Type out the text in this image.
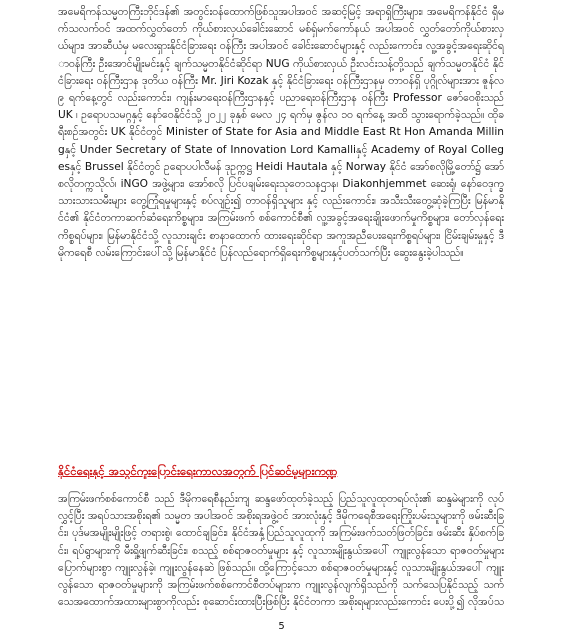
အမေရိကန်သမ္မတကြီးဘိုင်ဒန်၏ အတွင်းဝန်ထောက်ဖြစ်သူအပါအဝင် အဆင့်မြင့် အရာရှိကြီးများ၊ အမေရိကန်နိုင်ငံ ရှီမက်သလက်ဝင် အထက်လွှတ်တော် ကိုယ်စားလှယ်ခေါင်းဆောင် မစ်ရှ်မက်ကော်နယ် အပါအဝင် လွှတ်တော်ကိုယ်စားလှယ်များ၊ အာဆီယံမှ မလေးရှားနိုင်ငံခြားရေး ဝန်ကြီး အပါအဝင် ခေါင်းဆောင်များနှင့် လည်းကောင်း၊ လူ့အခွင့်အရေးဆိုင်ရာဝန်ကြီး ဦးအောင်မျိုးမင်းနှင့် ချက်သမ္မတနိုင်ငံဆိုင်ရာ NUG ကိုယ်စားလှယ် ဦးလင်းသန့်တို့သည် ချက်သမ္မတနိုင်ငံ နိုင်ငံခြားရေး ဝန်ကြီးဌာန ဒုတိယ ဝန်ကြီး Mr. Jiri Kozak နှင့် နိုင်ငံခြားရေး ဝန်ကြီးဌာနမှ တာဝန်ရှိ ပုဂ္ဂိုလ်များအား ဇူန်လ ၉ ရက်နေ့တွင် လည်းကောင်း၊ ကျန်းမာရေးဝန်ကြီးဌာနနှင့် ပညာရေးဝန်ကြီးဌာန ဝန်ကြီး Professor ဇော်ဝေစိုးသည် UK ၊ ဥရောပသမဂ္ဂနှင့် နော်ဝေနိုင်ငံသို့ ၂၀၂၂ ခုနှစ် မေလ ၂၄ ရက်မှ ဇွန်လ ၁၀ ရက်နေ့ အထိ သွားရောက်ခဲ့သည်။ ထိုခရီးစဉ်အတွင်း UK နိုင်ငံတွင် Minister of State for Asia and Middle East Rt Hon Amanda Millingနှင့် Under Secretary of State of Innovation Lord Kamalliနှင့် Academy of Royal Collegesနှင့် Brussel နိုင်ငံတွင် ဥရောပပါလီမန် ဒုဥက္ကဋ္ဌ Heidi Hautala နှင့် Norway နိုင်ငံ အော်စလိုမြို့တော်၌ အော်စလိုတက္ကသိုလ်၊ iNGO အဖွဲ့များ၊ အော်စလို ပြင်ပချမ်းရေးသုတေသနဌာန၊ Diakonhjemmet ဆေးရုံ၊ နော်ဝေဒုက္ခသားသားသမီးများ တွေ့ကြုံရမှုများနှင့် စပ်လျဉ်း၍ တာဝန်ရှိသူများ နှင့် လည်းကောင်း၊ အသီးသီးတွေ့ဆုံခဲ့ကြပြီး မြန်မာနိုင်ငံ၏ နိုင်ငံတကာဆက်ဆံရေးကိစ္စများ၊ အကြမ်းဖက် စစ်ကောင်စီ၏ လူ့အခွင့်အရေးချိုးဖောက်မှုကိစ္စများ၊ တော်လှန်ရေးကိစ္စရပ်များ၊ မြန်မာနိုင်ငံသို့ လူသားချင်း စာနာထောက် ထားရေးဆိုင်ရာ အကူအညီပေးရေးကိစ္စရပ်များ၊ ငြိမ်းချမ်းမှုနှင့် ဒီမိုကရေစီ လမ်းကြောင်းပေါ်သို့ မြန်မာနိုင်ငံ ပြန်လည်ရောက်ရှိရေးကိစ္စများနှင့်ပတ်သက်ပြီး ဆွေးနွေးခဲ့ပါသည်။

နိုင်ငံရေးနှင့် အသွင်ကူးပြောင်းရေးကာလအတွက် ပြင်ဆင်မှုများကဏ္ဍ

အကြမ်းဖက်စစ်ကောင်စီ သည် ဒီမိုကရေစီနည်းကျ ဆန္ဒဖော်ထုတ်ခဲ့သည့် ပြည်သူလူထုတရပ်လုံး၏ ဆန္ဒမဲများကို လုပ်လွှင့်ပြီး အရပ်သားအစိုးရ၏ သမ္မတ အပါအဝင် အစိုးရအဖွဲ့ဝင် အားလုံးနှင့် ဒီမိုကရေစီအရေးကြိုးပမ်းသူများကို ဖမ်းဆီးခြင်း၊ ပုဒ်မအမျိုးမျိုးဖြင့် တရားစွဲ၊ ထောင်ချခြင်း၊ နိုင်ငံအနှံ့ပြည်သူလူထုကို အကြမ်းဖက်သတ်ဖြတ်ခြင်း၊ ဖမ်းဆီး နှိပ်စက်ခြင်း၊ ရပ်ရွာများကို မီးရှို့ဖျက်ဆီးခြင်း၊ စသည့် စစ်ရာဇဝတ်မှုများ နှင့် လူသားမျိုးနွယ်အပေါ် ကျူးလွန်သော ရာဇဝတ်မှုများ ပြောက်များစွာ ကျူးလွန်ခဲ့၊ ကျူးလွန်နေဆဲ ဖြစ်သည်။ ထို့ကြောင့်သော စစ်ရာဇဝတ်မှုများနှင့် လူသားမျိုးနွယ်အပေါ် ကျူးလွန်သော ရာဇဝတ်မှုများကို အကြမ်းဖက်စစ်ကောင်စီတပ်များက ကျူးလွန်လျက်ရှိသည်ကို သက်သေပြနိုင်သည့် သက်သေအထောက်အထားများစွာကိုလည်း စုဆောင်းထားပြီးဖြစ်ပြီး နိုင်ငံတကာ အစိုးရများလည်းကောင်း ပေးပို့၍ လိုအပ်

5
